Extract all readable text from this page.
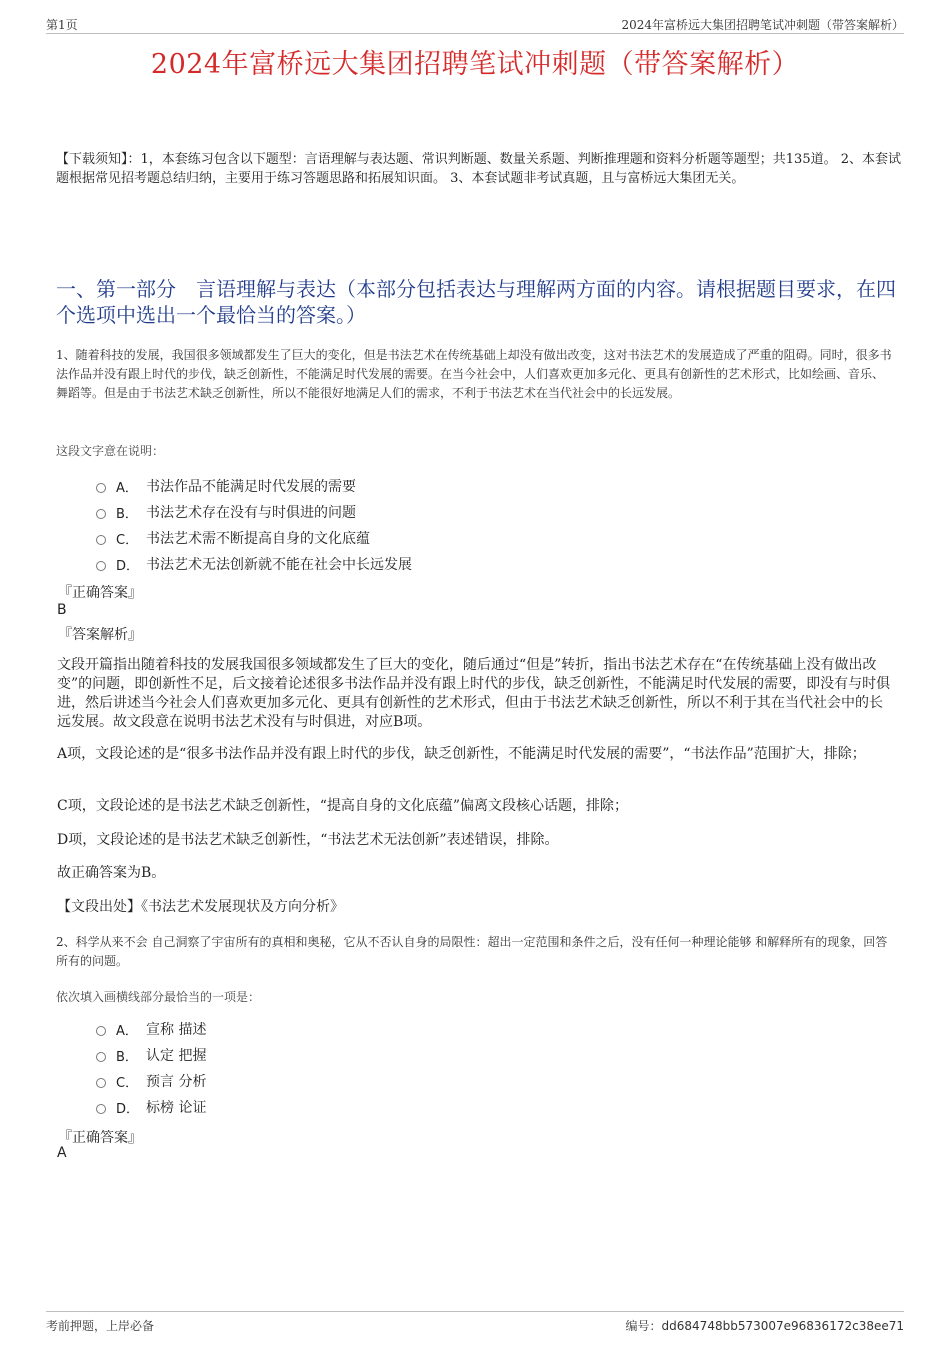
第1页	2024年富桥远大集团招聘笔试冲刺题（带答案解析）
2024年富桥远大集团招聘笔试冲刺题（带答案解析）
【下载须知】：1，本套练习包含以下题型：言语理解与表达题、常识判断题、数量关系题、判断推理题和资料分析题等题型；共135道。 2、本套试题根据常见招考题总结归纳，主要用于练习答题思路和拓展知识面。 3、本套试题非考试真题，且与富桥远大集团无关。
一、第一部分　言语理解与表达（本部分包括表达与理解两方面的内容。请根据题目要求，在四个选项中选出一个最恰当的答案。）
1、随着科技的发展，我国很多领域都发生了巨大的变化，但是书法艺术在传统基础上却没有做出改变，这对书法艺术的发展造成了严重的阻碍。同时，很多书法作品并没有跟上时代的步伐，缺乏创新性，不能满足时代发展的需要。在当今社会中，人们喜欢更加多元化、更具有创新性的艺术形式，比如绘画、音乐、舞蹈等。但是由于书法艺术缺乏创新性，所以不能很好地满足人们的需求，不利于书法艺术在当代社会中的长远发展。
这段文字意在说明：
A． 书法作品不能满足时代发展的需要
B． 书法艺术存在没有与时俱进的问题
C． 书法艺术需不断提高自身的文化底蕴
D． 书法艺术无法创新就不能在社会中长远发展
『正确答案』
B
『答案解析』
文段开篇指出随着科技的发展我国很多领域都发生了巨大的变化，随后通过“但是”转折，指出书法艺术存在“在传统基础上没有做出改变”的问题，即创新性不足，后文接着论述很多书法作品并没有跟上时代的步伐，缺乏创新性，不能满足时代发展的需要，即没有与时俱进，然后讲述当今社会人们喜欢更加多元化、更具有创新性的艺术形式，但由于书法艺术缺乏创新性，所以不利于其在当代社会中的长远发展。故文段意在说明书法艺术没有与时俱进，对应B项。
A项，文段论述的是“很多书法作品并没有跟上时代的步伐，缺乏创新性，不能满足时代发展的需要”，“书法作品”范围扩大，排除；
C项，文段论述的是书法艺术缺乏创新性，“提高自身的文化底蕴”偏离文段核心话题，排除；
D项，文段论述的是书法艺术缺乏创新性，“书法艺术无法创新”表述错误，排除。
故正确答案为B。
【文段出处】《书法艺术发展现状及方向分析》
2、科学从来不会 自己洞察了宇宙所有的真相和奥秘，它从不否认自身的局限性：超出一定范围和条件之后，没有任何一种理论能够 和解释所有的现象，回答所有的问题。
依次填入画横线部分最恰当的一项是：
A． 宣称 描述
B． 认定 把握
C． 预言 分析
D． 标榜 论证
『正确答案』
A
考前押题，上岸必备	编号：dd684748bb573007e96836172c38ee71
